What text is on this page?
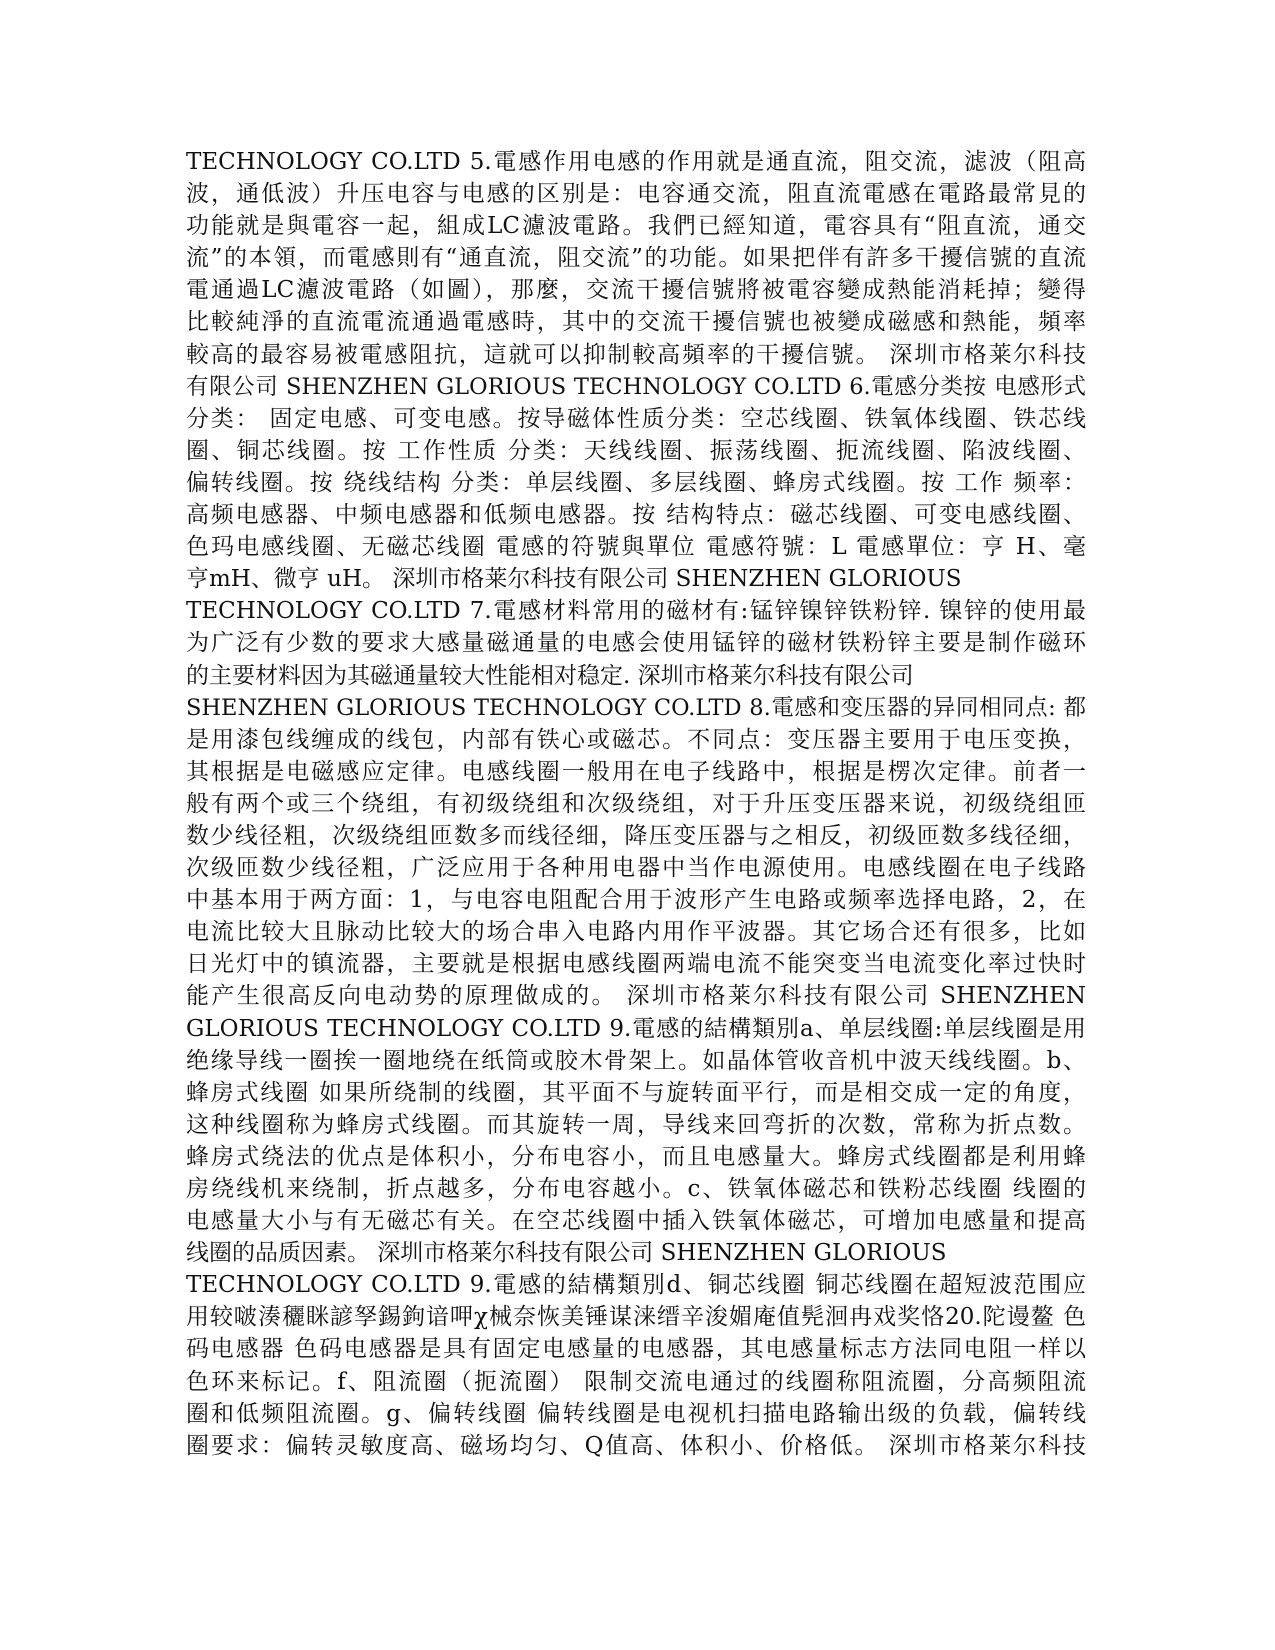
TECHNOLOGY CO.LTD 5.電感作用电感的作用就是通直流，阻交流，滤波（阻高
波，通低波）升压电容与电感的区别是：电容通交流，阻直流電感在電路最常見的
功能就是與電容一起，組成LC濾波電路。我們已經知道，電容具有“阻直流，通交
流”的本領，而電感則有“通直流，阻交流”的功能。如果把伴有許多干擾信號的直流
電通過LC濾波電路（如圖），那麼，交流干擾信號將被電容變成熱能消耗掉；變得
比較純淨的直流電流通過電感時，其中的交流干擾信號也被變成磁感和熱能，頻率
較高的最容易被電感阻抗，這就可以抑制較高頻率的干擾信號。 深圳市格莱尔科技
有限公司 SHENZHEN GLORIOUS TECHNOLOGY CO.LTD 6.電感分类按 电感形式
分类： 固定电感、可变电感。按导磁体性质分类：空芯线圈、铁氧体线圈、铁芯线
圈、铜芯线圈。按 工作性质 分类：天线线圈、振荡线圈、扼流线圈、陷波线圈、
偏转线圈。按 绕线结构 分类：单层线圈、多层线圈、蜂房式线圈。按 工作 频率：
高频电感器、中频电感器和低频电感器。按 结构特点：磁芯线圈、可变电感线圈、
色玛电感线圈、无磁芯线圈 電感的符號與單位 電感符號：L 電感單位：亨 H、毫
亨mH、微亨 uH。 深圳市格莱尔科技有限公司 SHENZHEN GLORIOUS
TECHNOLOGY CO.LTD 7.電感材料常用的磁材有:锰锌镍锌铁粉锌. 镍锌的使用最
为广泛有少数的要求大感量磁通量的电感会使用锰锌的磁材铁粉锌主要是制作磁环
的主要材料因为其磁通量较大性能相对稳定. 深圳市格莱尔科技有限公司
SHENZHEN GLORIOUS TECHNOLOGY CO.LTD 8.電感和变压器的异同相同点: 都
是用漆包线缠成的线包，内部有铁心或磁芯。不同点：变压器主要用于电压变换，
其根据是电磁感应定律。电感线圈一般用在电子线路中，根据是楞次定律。前者一
般有两个或三个绕组，有初级绕组和次级绕组，对于升压变压器来说，初级绕组匝
数少线径粗，次级绕组匝数多而线径细，降压变压器与之相反，初级匝数多线径细，
次级匝数少线径粗，广泛应用于各种用电器中当作电源使用。电感线圈在电子线路
中基本用于两方面：1，与电容电阻配合用于波形产生电路或频率选择电路，2，在
电流比较大且脉动比较大的场合串入电路内用作平波器。其它场合还有很多，比如
日光灯中的镇流器，主要就是根据电感线圈两端电流不能突变当电流变化率过快时
能产生很高反向电动势的原理做成的。 深圳市格莱尔科技有限公司 SHENZHEN
GLORIOUS TECHNOLOGY CO.LTD 9.電感的結構類別a、单层线圈:单层线圈是用
绝缘导线一圈挨一圈地绕在纸筒或胶木骨架上。如晶体管收音机中波天线线圈。b、
蜂房式线圈 如果所绕制的线圈，其平面不与旋转面平行，而是相交成一定的角度，
这种线圈称为蜂房式线圈。而其旋转一周，导线来回弯折的次数，常称为折点数。
蜂房式绕法的优点是体积小，分布电容小，而且电感量大。蜂房式线圈都是利用蜂
房绕线机来绕制，折点越多，分布电容越小。c、铁氧体磁芯和铁粉芯线圈 线圈的
电感量大小与有无磁芯有关。在空芯线圈中插入铁氧体磁芯，可增加电感量和提高
线圈的品质因素。 深圳市格莱尔科技有限公司 SHENZHEN GLORIOUS
TECHNOLOGY CO.LTD 9.電感的結構類別d、铜芯线圈 铜芯线圈在超短波范围应
用较啵湊穲眯諺孥錫鉤谙呷χ械奈恢美锤谋涞缙辛浚媚庵值髡洄冉戏奖恪20.陀谩鳌 色
码电感器 色码电感器是具有固定电感量的电感器，其电感量标志方法同电阻一样以
色环来标记。f、阻流圈（扼流圈） 限制交流电通过的线圈称阻流圈，分高频阻流
圈和低频阻流圈。g、偏转线圈 偏转线圈是电视机扫描电路输出级的负载，偏转线
圈要求：偏转灵敏度高、磁场均匀、Q值高、体积小、价格低。 深圳市格莱尔科技
